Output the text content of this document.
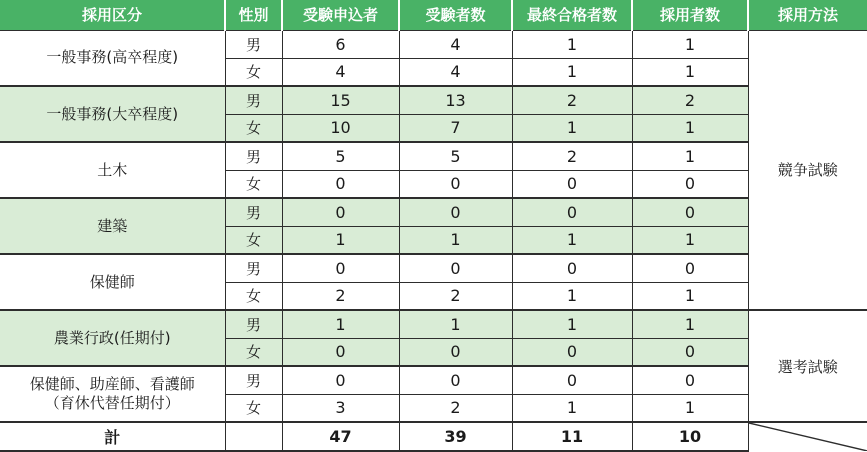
採用区分	性別	受験申込者	受験者数	最終合格者数	採用者数	採用方法

一般事務(高卒程度)	男	6	4	1	1	競争試験
	女	4	4	1	1	

一般事務(大卒程度)	男	15	13	2	2	
	女	10	7	1	1	

土木	男	5	5	2	1	
	女	0	0	0	0	

建築	男	0	0	0	0	
	女	1	1	1	1	

保健師	男	0	0	0	0	
	女	2	2	1	1	

農業行政(任期付)	男	1	1	1	1	選考試験
	女	0	0	0	0	

保健師、助産師、看護師
（育休代替任期付）	男	0	0	0	0	
	女	3	2	1	1	
計		47	39	11	10	
